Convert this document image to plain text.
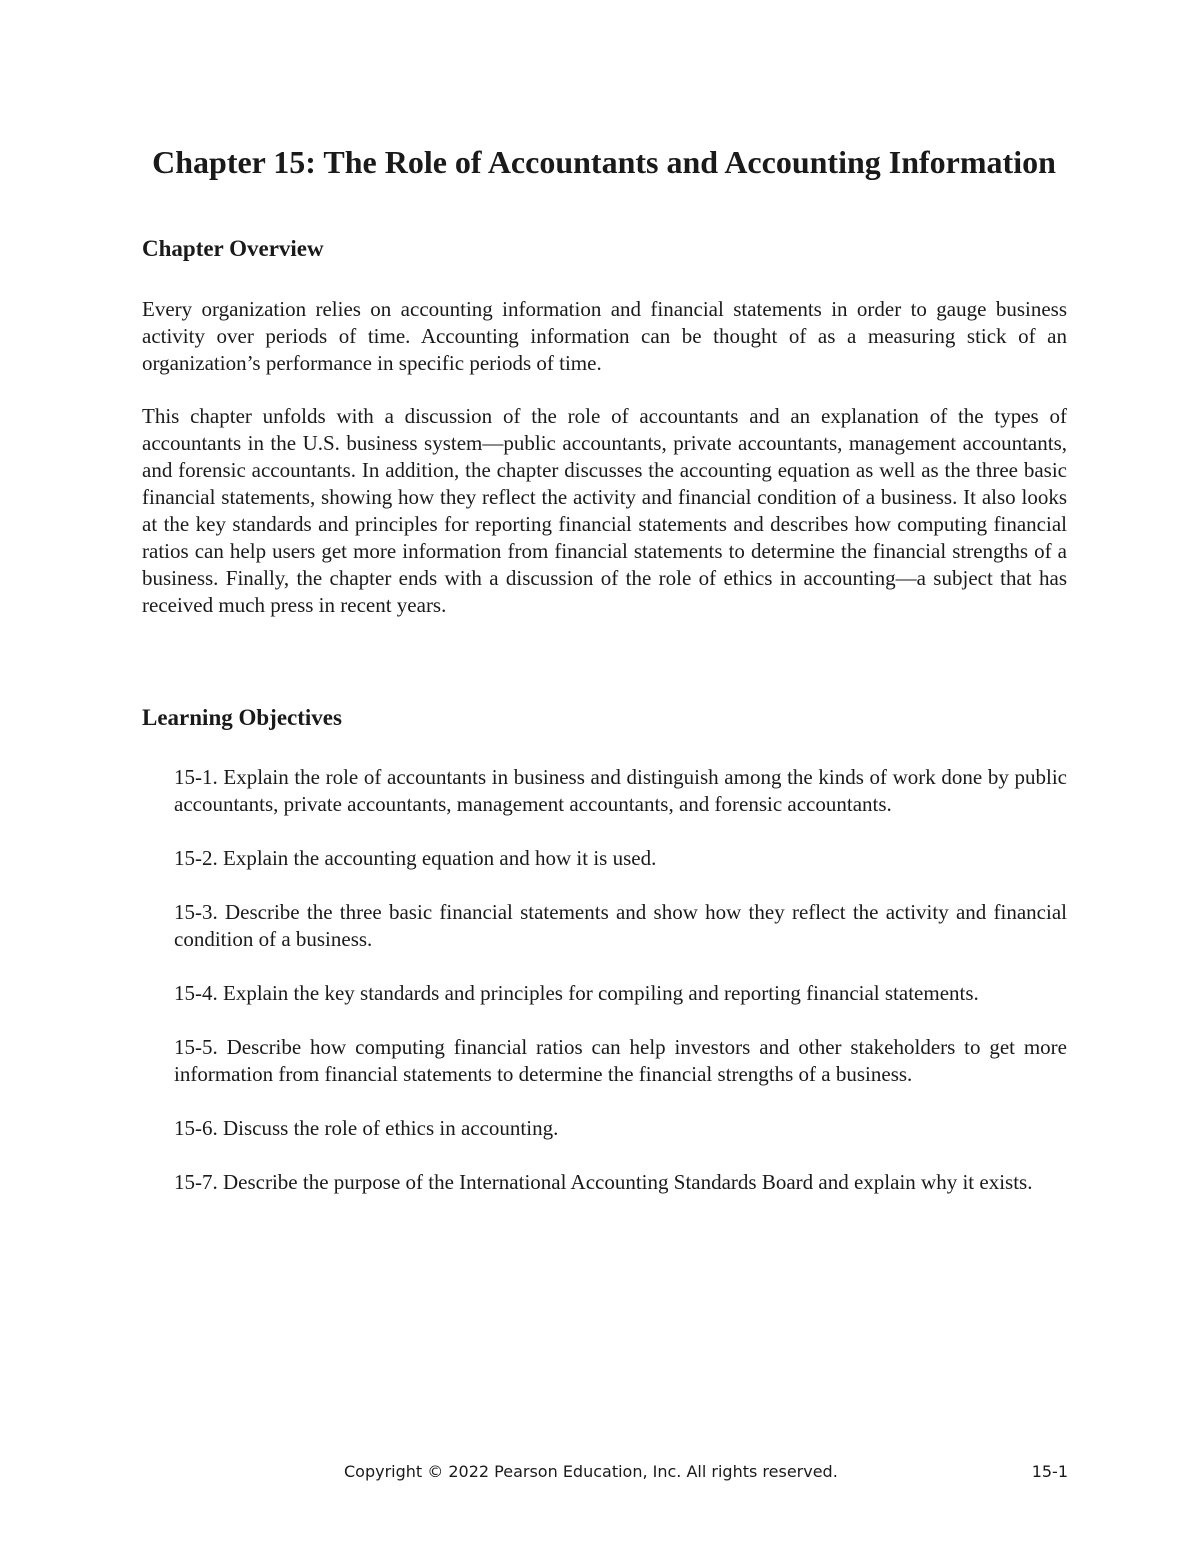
Chapter 15: The Role of Accountants and Accounting Information
Chapter Overview

Every organization relies on accounting information and financial statements in order to gauge business activity over periods of time. Accounting information can be thought of as a measuring stick of an organization’s performance in specific periods of time.

This chapter unfolds with a discussion of the role of accountants and an explanation of the types of accountants in the U.S. business system—public accountants, private accountants, management accountants, and forensic accountants. In addition, the chapter discusses the accounting equation as well as the three basic financial statements, showing how they reflect the activity and financial condition of a business. It also looks at the key standards and principles for reporting financial statements and describes how computing financial ratios can help users get more information from financial statements to determine the financial strengths of a business. Finally, the chapter ends with a discussion of the role of ethics in accounting—a subject that has received much press in recent years.

Learning Objectives
15-1. Explain the role of accountants in business and distinguish among the kinds of work done by public accountants, private accountants, management accountants, and forensic accountants.
15-2. Explain the accounting equation and how it is used.
15-3. Describe the three basic financial statements and show how they reflect the activity and financial condition of a business.
15-4. Explain the key standards and principles for compiling and reporting financial statements.
15-5. Describe how computing financial ratios can help investors and other stakeholders to get more information from financial statements to determine the financial strengths of a business.
15-6. Discuss the role of ethics in accounting.
15-7. Describe the purpose of the International Accounting Standards Board and explain why it exists.
Copyright © 2022 Pearson Education, Inc. All rights reserved.	15-1
